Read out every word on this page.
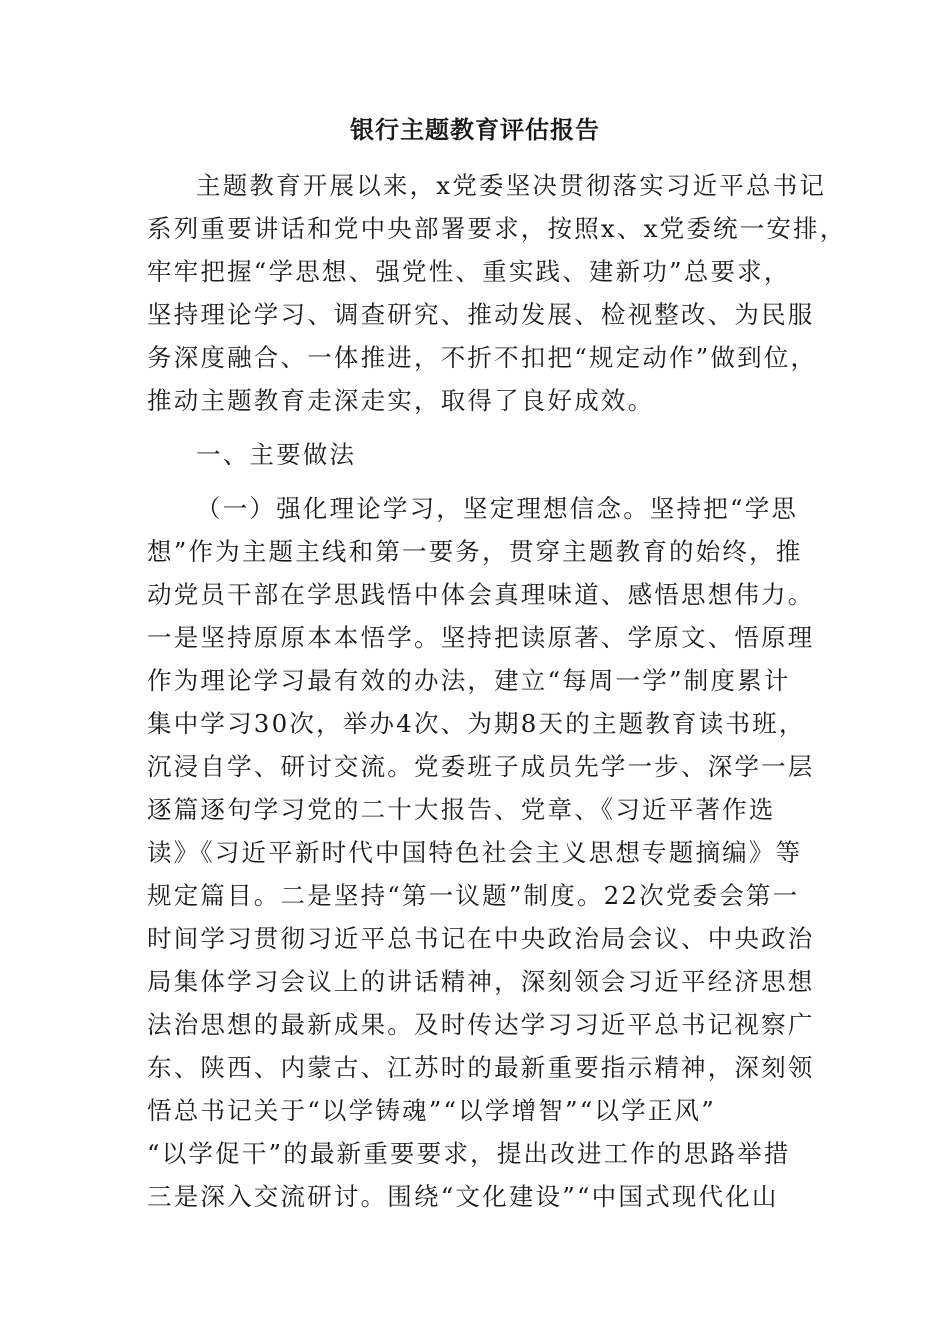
银行主题教育评估报告
主题教育开展以来，x党委坚决贯彻落实习近平总书记
系列重要讲话和党中央部署要求，按照x、x党委统一安排，
牢牢把握“学思想、强党性、重实践、建新功”总要求，
坚持理论学习、调查研究、推动发展、检视整改、为民服
务深度融合、一体推进，不折不扣把“规定动作”做到位，
推动主题教育走深走实，取得了良好成效。
一、主要做法
（一）强化理论学习，坚定理想信念。坚持把“学思
想”作为主题主线和第一要务，贯穿主题教育的始终，推
动党员干部在学思践悟中体会真理味道、感悟思想伟力。
一是坚持原原本本悟学。坚持把读原著、学原文、悟原理
作为理论学习最有效的办法，建立“每周一学”制度累计
集中学习30次，举办4次、为期8天的主题教育读书班，
沉浸自学、研讨交流。党委班子成员先学一步、深学一层
逐篇逐句学习党的二十大报告、党章、《习近平著作选
读》《习近平新时代中国特色社会主义思想专题摘编》等
规定篇目。二是坚持“第一议题”制度。22次党委会第一
时间学习贯彻习近平总书记在中央政治局会议、中央政治
局集体学习会议上的讲话精神，深刻领会习近平经济思想
法治思想的最新成果。及时传达学习习近平总书记视察广
东、陕西、内蒙古、江苏时的最新重要指示精神，深刻领
悟总书记关于“以学铸魂”“以学增智”“以学正风”
“以学促干”的最新重要要求，提出改进工作的思路举措
三是深入交流研讨。围绕“文化建设”“中国式现代化山
